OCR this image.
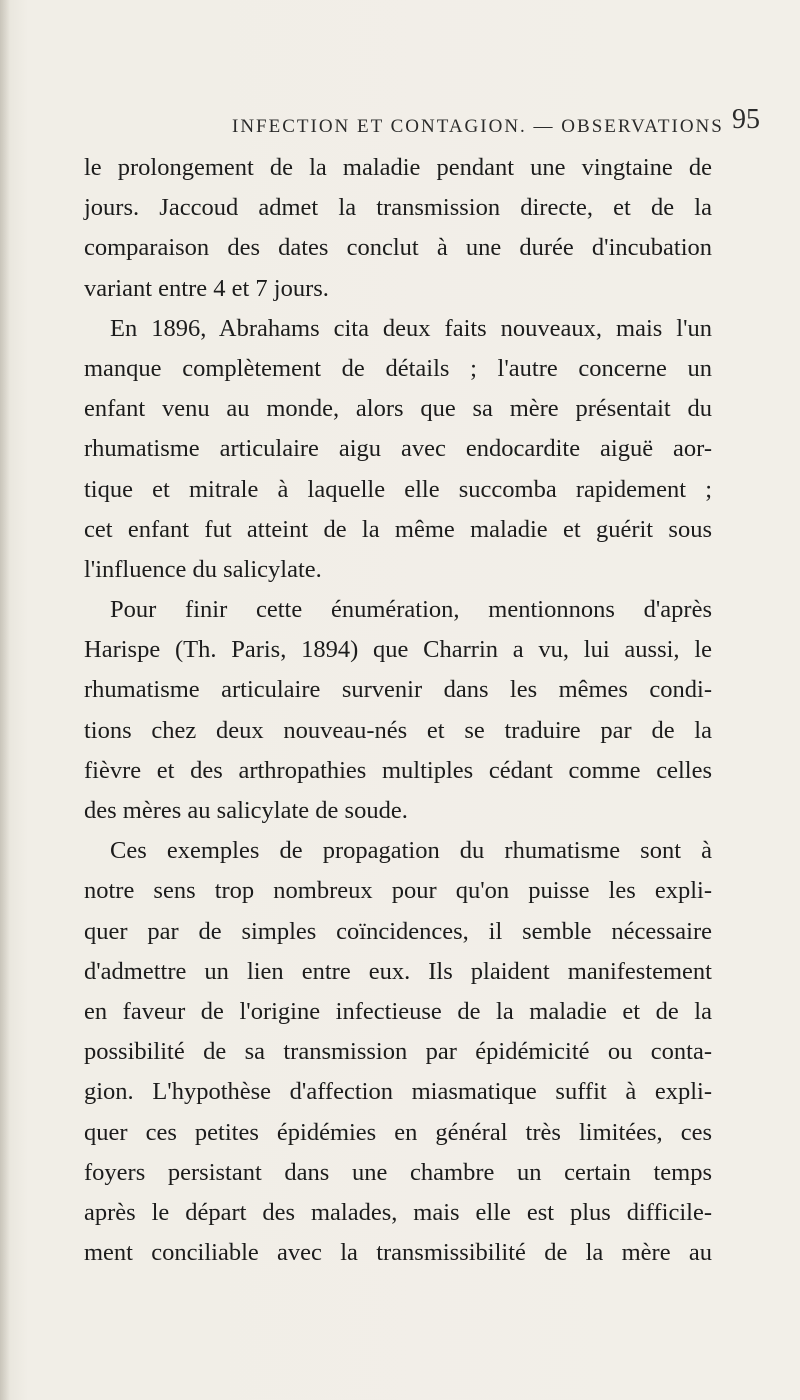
INFECTION ET CONTAGION. — OBSERVATIONS 95
le prolongement de la maladie pendant une vingtaine de
jours. Jaccoud admet la transmission directe, et de la
comparaison des dates conclut à une durée d'incubation
variant entre 4 et 7 jours.
En 1896, Abrahams cita deux faits nouveaux, mais l'un
manque complètement de détails ; l'autre concerne un
enfant venu au monde, alors que sa mère présentait du
rhumatisme articulaire aigu avec endocardite aiguë aor-
tique et mitrale à laquelle elle succomba rapidement ;
cet enfant fut atteint de la même maladie et guérit sous
l'influence du salicylate.
Pour finir cette énumération, mentionnons d'après
Harispe (Th. Paris, 1894) que Charrin a vu, lui aussi, le
rhumatisme articulaire survenir dans les mêmes condi-
tions chez deux nouveau-nés et se traduire par de la
fièvre et des arthropathies multiples cédant comme celles
des mères au salicylate de soude.
Ces exemples de propagation du rhumatisme sont à
notre sens trop nombreux pour qu'on puisse les expli-
quer par de simples coïncidences, il semble nécessaire
d'admettre un lien entre eux. Ils plaident manifestement
en faveur de l'origine infectieuse de la maladie et de la
possibilité de sa transmission par épidémicité ou conta-
gion. L'hypothèse d'affection miasmatique suffit à expli-
quer ces petites épidémies en général très limitées, ces
foyers persistant dans une chambre un certain temps
après le départ des malades, mais elle est plus difficile-
ment conciliable avec la transmissibilité de la mère au
